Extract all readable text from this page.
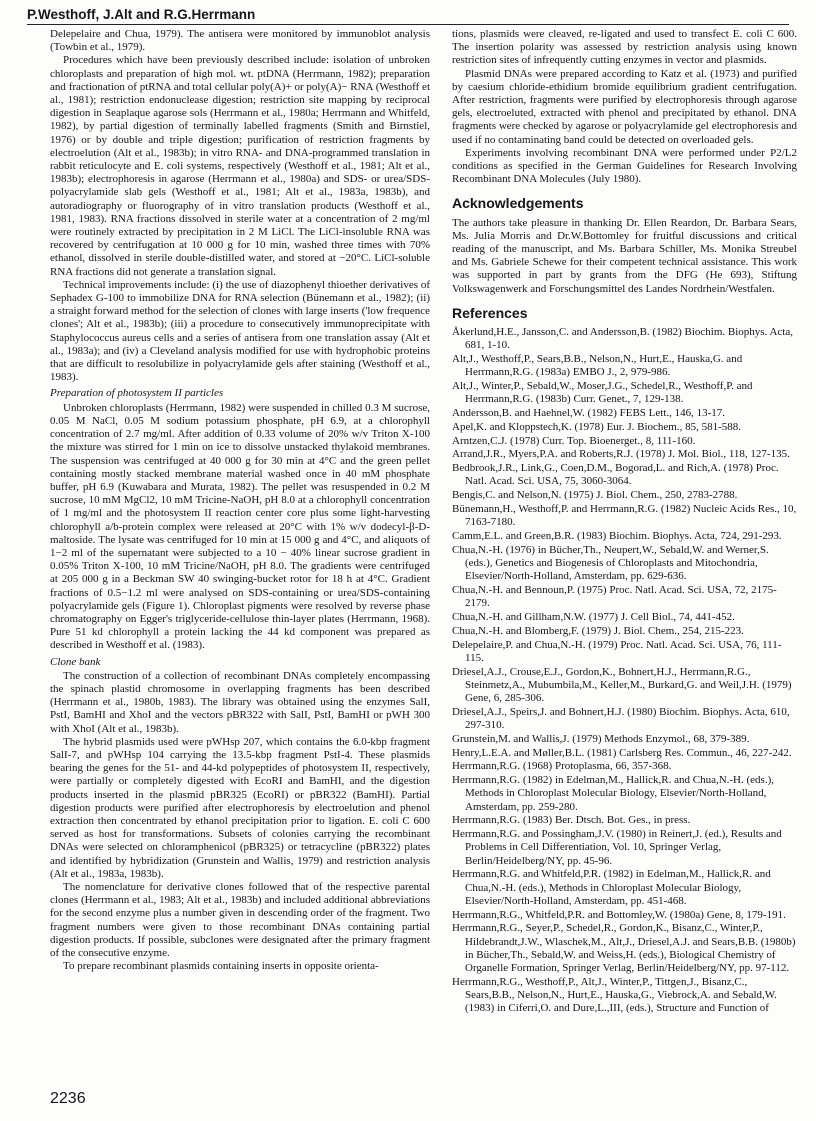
P.Westhoff, J.Alt and R.G.Herrmann

Delepelaire and Chua, 1979). The antisera were monitored by immunoblot analysis (Towbin et al., 1979).

Procedures which have been previously described include: isolation of unbroken chloroplasts and preparation of high mol. wt. ptDNA (Herrmann, 1982); preparation and fractionation of ptRNA and total cellular poly(A)+ or poly(A)− RNA (Westhoff et al., 1981); restriction endonuclease digestion; restriction site mapping by reciprocal digestion in Seaplaque agarose sols (Herrmann et al., 1980a; Herrmann and Whitfeld, 1982), by partial digestion of terminally labelled fragments (Smith and Birnstiel, 1976) or by double and triple digestion; purification of restriction fragments by electroelution (Alt et al., 1983b); in vitro RNA- and DNA-programmed translation in rabbit reticulocyte and E. coli systems, respectively (Westhoff et al., 1981; Alt et al., 1983b); electrophoresis in agarose (Herrmann et al., 1980a) and SDS- or urea/SDS-polyacrylamide slab gels (Westhoff et al., 1981; Alt et al., 1983a, 1983b), and autoradiography or fluorography of in vitro translation products (Westhoff et al., 1981, 1983). RNA fractions dissolved in sterile water at a concentration of 2 mg/ml were routinely extracted by precipitation in 2 M LiCl. The LiCl-insoluble RNA was recovered by centrifugation at 10 000 g for 10 min, washed three times with 70% ethanol, dissolved in sterile double-distilled water, and stored at −20°C. LiCl-soluble RNA fractions did not generate a translation signal.

Technical improvements include: (i) the use of diazophenyl thioether derivatives of Sephadex G-100 to immobilize DNA for RNA selection (Bünemann et al., 1982); (ii) a straight forward method for the selection of clones with large inserts ('low frequence clones'; Alt et al., 1983b); (iii) a procedure to consecutively immunoprecipitate with Staphylococcus aureus cells and a series of antisera from one translation assay (Alt et al., 1983a); and (iv) a Cleveland analysis modified for use with hydrophobic proteins that are difficult to resolubilize in polyacrylamide gels after staining (Westhoff et al., 1983).

Preparation of photosystem II particles

Unbroken chloroplasts (Herrmann, 1982) were suspended in chilled 0.3 M sucrose, 0.05 M NaCl, 0.05 M sodium potassium phosphate, pH 6.9, at a chlorophyll concentration of 2.7 mg/ml. After addition of 0.33 volume of 20% w/v Triton X-100 the mixture was stirred for 1 min on ice to dissolve unstacked thylakoid membranes. The suspension was centrifuged at 40 000 g for 30 min at 4°C and the green pellet containing mostly stacked membrane material washed once in 40 mM phosphate buffer, pH 6.9 (Kuwabara and Murata, 1982). The pellet was resuspended in 0.2 M sucrose, 10 mM MgCl2, 10 mM Tricine-NaOH, pH 8.0 at a chlorophyll concentration of 1 mg/ml and the photosystem II reaction center core plus some light-harvesting chlorophyll a/b-protein complex were released at 20°C with 1% w/v dodecyl-β-D-maltoside. The lysate was centrifuged for 10 min at 15 000 g and 4°C, and aliquots of 1−2 ml of the supernatant were subjected to a 10 − 40% linear sucrose gradient in 0.05% Triton X-100, 10 mM Tricine/NaOH, pH 8.0. The gradients were centrifuged at 205 000 g in a Beckman SW 40 swinging-bucket rotor for 18 h at 4°C. Gradient fractions of 0.5−1.2 ml were analysed on SDS-containing or urea/SDS-containing polyacrylamide gels (Figure 1). Chloroplast pigments were resolved by reverse phase chromatography on Egger's triglyceride-cellulose thin-layer plates (Herrmann, 1968). Pure 51 kd chlorophyll a protein lacking the 44 kd component was prepared as described in Westhoff et al. (1983).

Clone bank

The construction of a collection of recombinant DNAs completely encompassing the spinach plastid chromosome in overlapping fragments has been described (Herrmann et al., 1980b, 1983). The library was obtained using the enzymes SalI, PstI, BamHI and XhoI and the vectors pBR322 with SalI, PstI, BamHI or pWH 300 with XhoI (Alt et al., 1983b).

The hybrid plasmids used were pWHsp 207, which contains the 6.0-kbp fragment SalI-7, and pWHsp 104 carrying the 13.5-kbp fragment PstI-4. These plasmids bearing the genes for the 51- and 44-kd polypeptides of photosystem II, respectively, were partially or completely digested with EcoRI and BamHI, and the digestion products inserted in the plasmid pBR325 (EcoRI) or pBR322 (BamHI). Partial digestion products were purified after electrophoresis by electroelution and phenol extraction then concentrated by ethanol precipitation prior to ligation. E. coli C 600 served as host for transformations. Subsets of colonies carrying the recombinant DNAs were selected on chloramphenicol (pBR325) or tetracycline (pBR322) plates and identified by hybridization (Grunstein and Wallis, 1979) and restriction analysis (Alt et al., 1983a, 1983b).

The nomenclature for derivative clones followed that of the respective parental clones (Herrmann et al., 1983; Alt et al., 1983b) and included additional abbreviations for the second enzyme plus a number given in descending order of the fragment. Two fragment numbers were given to those recombinant DNAs containing partial digestion products. If possible, subclones were designated after the primary fragment of the consecutive enzyme.

To prepare recombinant plasmids containing inserts in opposite orienta-

tions, plasmids were cleaved, re-ligated and used to transfect E. coli C 600. The insertion polarity was assessed by restriction analysis using known restriction sites of infrequently cutting enzymes in vector and plasmids.

Plasmid DNAs were prepared according to Katz et al. (1973) and purified by caesium chloride-ethidium bromide equilibrium gradient centrifugation. After restriction, fragments were purified by electrophoresis through agarose gels, electroeluted, extracted with phenol and precipitated by ethanol. DNA fragments were checked by agarose or polyacrylamide gel electrophoresis and used if no contaminating band could be detected on overloaded gels.

Experiments involving recombinant DNA were performed under P2/L2 conditions as specified in the German Guidelines for Research Involving Recombinant DNA Molecules (July 1980).

Acknowledgements

The authors take pleasure in thanking Dr. Ellen Reardon, Dr. Barbara Sears, Ms. Julia Morris and Dr.W.Bottomley for fruitful discussions and critical reading of the manuscript, and Ms. Barbara Schiller, Ms. Monika Streubel and Ms. Gabriele Schewe for their competent technical assistance. This work was supported in part by grants from the DFG (He 693), Stiftung Volkswagenwerk and Forschungsmittel des Landes Nordrhein/Westfalen.

References
Åkerlund,H.E., Jansson,C. and Andersson,B. (1982) Biochim. Biophys. Acta, 681, 1-10.
Alt,J., Westhoff,P., Sears,B.B., Nelson,N., Hurt,E., Hauska,G. and Herrmann,R.G. (1983a) EMBO J., 2, 979-986.
Alt,J., Winter,P., Sebald,W., Moser,J.G., Schedel,R., Westhoff,P. and Herrmann,R.G. (1983b) Curr. Genet., 7, 129-138.
Andersson,B. and Haehnel,W. (1982) FEBS Lett., 146, 13-17.
Apel,K. and Kloppstech,K. (1978) Eur. J. Biochem., 85, 581-588.
Arntzen,C.J. (1978) Curr. Top. Bioenerget., 8, 111-160.
Arrand,J.R., Myers,P.A. and Roberts,R.J. (1978) J. Mol. Biol., 118, 127-135.
Bedbrook,J.R., Link,G., Coen,D.M., Bogorad,L. and Rich,A. (1978) Proc. Natl. Acad. Sci. USA, 75, 3060-3064.
Bengis,C. and Nelson,N. (1975) J. Biol. Chem., 250, 2783-2788.
Bünemann,H., Westhoff,P. and Herrmann,R.G. (1982) Nucleic Acids Res., 10, 7163-7180.
Camm,E.L. and Green,B.R. (1983) Biochim. Biophys. Acta, 724, 291-293.
Chua,N.-H. (1976) in Bücher,Th., Neupert,W., Sebald,W. and Werner,S. (eds.), Genetics and Biogenesis of Chloroplasts and Mitochondria, Elsevier/North-Holland, Amsterdam, pp. 629-636.
Chua,N.-H. and Bennoun,P. (1975) Proc. Natl. Acad. Sci. USA, 72, 2175-2179.
Chua,N.-H. and Gillham,N.W. (1977) J. Cell Biol., 74, 441-452.
Chua,N.-H. and Blomberg,F. (1979) J. Biol. Chem., 254, 215-223.
Delepelaire,P. and Chua,N.-H. (1979) Proc. Natl. Acad. Sci. USA, 76, 111-115.
Driesel,A.J., Crouse,E.J., Gordon,K., Bohnert,H.J., Herrmann,R.G., Steinmetz,A., Mubumbila,M., Keller,M., Burkard,G. and Weil,J.H. (1979) Gene, 6, 285-306.
Driesel,A.J., Speirs,J. and Bohnert,H.J. (1980) Biochim. Biophys. Acta, 610, 297-310.
Grunstein,M. and Wallis,J. (1979) Methods Enzymol., 68, 379-389.
Henry,L.E.A. and Møller,B.L. (1981) Carlsberg Res. Commun., 46, 227-242.
Herrmann,R.G. (1968) Protoplasma, 66, 357-368.
Herrmann,R.G. (1982) in Edelman,M., Hallick,R. and Chua,N.-H. (eds.), Methods in Chloroplast Molecular Biology, Elsevier/North-Holland, Amsterdam, pp. 259-280.
Herrmann,R.G. (1983) Ber. Dtsch. Bot. Ges., in press.
Herrmann,R.G. and Possingham,J.V. (1980) in Reinert,J. (ed.), Results and Problems in Cell Differentiation, Vol. 10, Springer Verlag, Berlin/Heidelberg/NY, pp. 45-96.
Herrmann,R.G. and Whitfeld,P.R. (1982) in Edelman,M., Hallick,R. and Chua,N.-H. (eds.), Methods in Chloroplast Molecular Biology, Elsevier/North-Holland, Amsterdam, pp. 451-468.
Herrmann,R.G., Whitfeld,P.R. and Bottomley,W. (1980a) Gene, 8, 179-191.
Herrmann,R.G., Seyer,P., Schedel,R., Gordon,K., Bisanz,C., Winter,P., Hildebrandt,J.W., Wlaschek,M., Alt,J., Driesel,A.J. and Sears,B.B. (1980b) in Bücher,Th., Sebald,W. and Weiss,H. (eds.), Biological Chemistry of Organelle Formation, Springer Verlag, Berlin/Heidelberg/NY, pp. 97-112.
Herrmann,R.G., Westhoff,P., Alt,J., Winter,P., Tittgen,J., Bisanz,C., Sears,B.B., Nelson,N., Hurt,E., Hauska,G., Viebrock,A. and Sebald,W. (1983) in Ciferri,O. and Dure,L.,III, (eds.), Structure and Function of
2236
